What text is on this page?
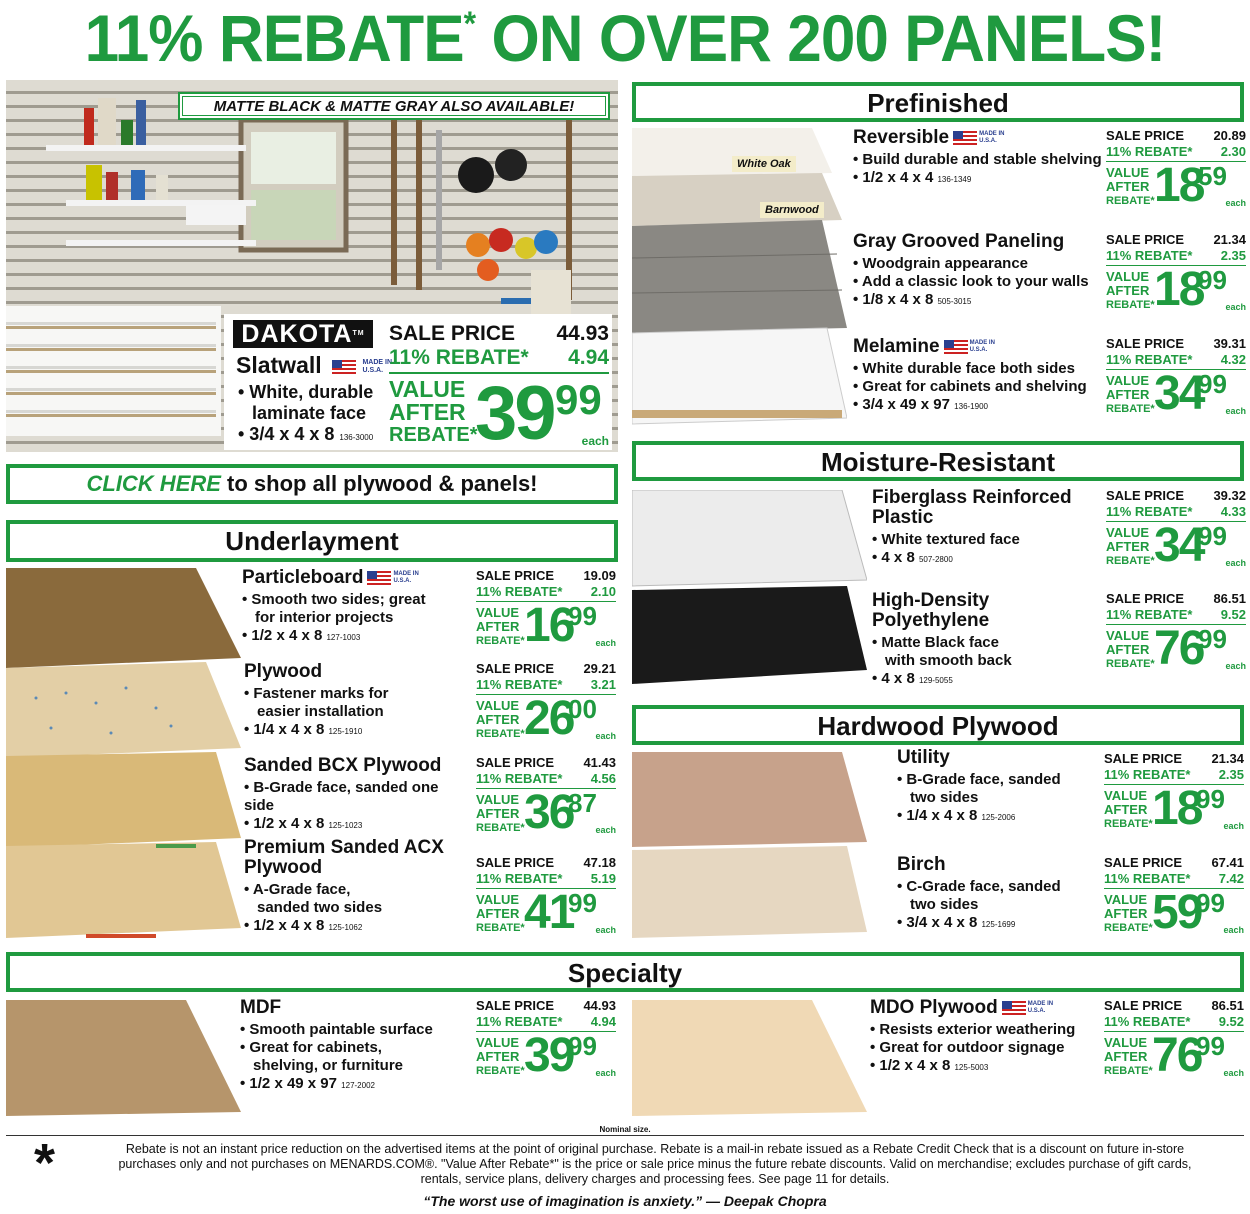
11% REBATE* ON OVER 200 PANELS!
MATTE BLACK & MATTE GRAY ALSO AVAILABLE!
DAKOTA™
Slatwall	MADE IN U.S.A.
• White, durable
laminate face
• 3/4 x 4 x 8 136-3000
SALE PRICE 44.93
11% REBATE* 4.94
VALUE
AFTER
REBATE*
39 99
each
CLICK HERE to shop all plywood & panels!
Underlayment
Prefinished
Moisture-Resistant
Hardwood Plywood
Specialty
White Oak
Barnwood
Particleboard	MADE IN U.S.A.
• Smooth two sides; great
for interior projects
• 1/2 x 4 x 8 127-1003
SALE PRICE 19.09
11% REBATE* 2.10
VALUE
AFTER
REBATE* 16
99
each
Plywood
• Fastener marks for
easier installation
• 1/4 x 4 x 8 125-1910
SALE PRICE 29.21
11% REBATE* 3.21
VALUE
AFTER
REBATE* 26
00
each
Sanded BCX Plywood
• B-Grade face, sanded one side
• 1/2 x 4 x 8 125-1023
SALE PRICE 41.43
11% REBATE* 4.56
VALUE
AFTER
REBATE* 36
87
each
Premium Sanded ACX
Plywood
• A-Grade face,
sanded two sides
• 1/2 x 4 x 8 125-1062
SALE PRICE 47.18
11% REBATE* 5.19
VALUE
AFTER
REBATE* 41
99
each
Reversible	MADE IN U.S.A.
• Build durable and stable shelving
• 1/2 x 4 x 4 136-1349
SALE PRICE 20.89
11% REBATE* 2.30
VALUE
AFTER
REBATE* 18
59
each
Gray Grooved Paneling
• Woodgrain appearance
• Add a classic look to your walls
• 1/8 x 4 x 8 505-3015
SALE PRICE 21.34
11% REBATE* 2.35
VALUE
AFTER
REBATE* 18
99
each
Melamine	MADE IN U.S.A.
• White durable face both sides
• Great for cabinets and shelving
• 3/4 x 49 x 97 136-1900
SALE PRICE 39.31
11% REBATE* 4.32
VALUE
AFTER
REBATE* 34
99
each
Fiberglass Reinforced
Plastic
• White textured face
• 4 x 8 507-2800
SALE PRICE 39.32
11% REBATE* 4.33
VALUE
AFTER
REBATE* 34
99
each
High-Density Polyethylene
• Matte Black face
with smooth back
• 4 x 8 129-5055
SALE PRICE 86.51
11% REBATE* 9.52
VALUE
AFTER
REBATE* 76
99
each
Utility
• B-Grade face, sanded
two sides
• 1/4 x 4 x 8 125-2006
SALE PRICE 21.34
11% REBATE* 2.35
VALUE
AFTER
REBATE* 18
99
each
Birch
• C-Grade face, sanded
two sides
• 3/4 x 4 x 8 125-1699
SALE PRICE 67.41
11% REBATE* 7.42
VALUE
AFTER
REBATE* 59
99
each
MDF
• Smooth paintable surface
• Great for cabinets,
shelving, or furniture
• 1/2 x 49 x 97 127-2002
SALE PRICE 44.93
11% REBATE* 4.94
VALUE
AFTER
REBATE* 39
99
each
MDO Plywood	MADE IN U.S.A.
• Resists exterior weathering
• Great for outdoor signage
• 1/2 x 4 x 8 125-5003
SALE PRICE 86.51
11% REBATE* 9.52
VALUE
AFTER
REBATE* 76
99
each
Nominal size.
*	Rebate is not an instant price reduction on the advertised items at the point of original purchase. Rebate is a mail-in rebate issued as a Rebate Credit Check that is a discount on future in-store
purchases only and not purchases on MENARDS.COM®. "Value After Rebate*" is the price or sale price minus the future rebate discounts. Valid on merchandise; excludes purchase of gift cards,
rentals, service plans, delivery charges and processing fees. See page 11 for details.
“The worst use of imagination is anxiety.” — Deepak Chopra
